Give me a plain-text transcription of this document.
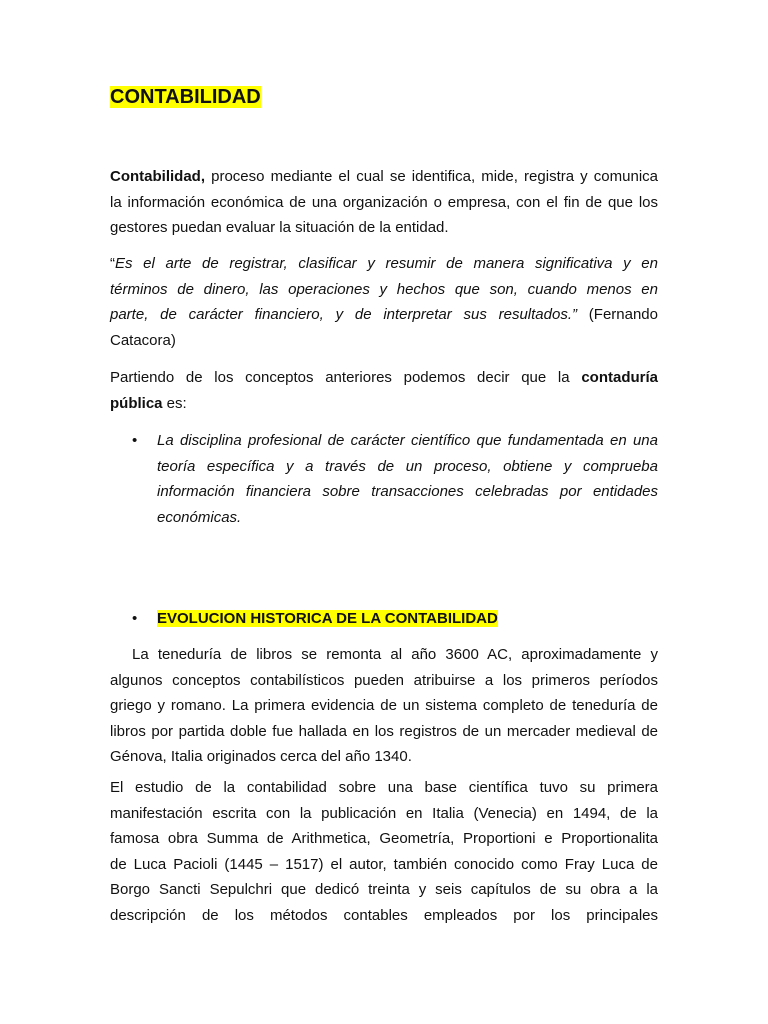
CONTABILIDAD
Contabilidad, proceso mediante el cual se identifica, mide, registra y comunica
la información económica de una organización o empresa, con el fin de que los
gestores puedan evaluar la situación de la entidad.
“Es el arte de registrar, clasificar y resumir de manera significativa y en
términos de dinero, las operaciones y hechos que son, cuando menos en
parte, de carácter financiero, y de interpretar sus resultados.” (Fernando
Catacora)
Partiendo de los conceptos anteriores podemos decir que la contaduría
pública es:
• La disciplina profesional de carácter científico que fundamentada en una
teoría específica y a través de un proceso, obtiene y comprueba
información financiera sobre transacciones celebradas por entidades
económicas.
• EVOLUCION HISTORICA DE LA CONTABILIDAD
La teneduría de libros se remonta al año 3600 AC, aproximadamente y
algunos conceptos contabilísticos pueden atribuirse a los primeros períodos
griego y romano. La primera evidencia de un sistema completo de teneduría de
libros por partida doble fue hallada en los registros de un mercader medieval de
Génova, Italia originados cerca del año 1340.
El estudio de la contabilidad sobre una base científica tuvo su primera
manifestación escrita con la publicación en Italia (Venecia) en 1494, de la
famosa obra Summa de Arithmetica, Geometría, Proportioni e Proportionalita
de Luca Pacioli (1445 – 1517) el autor, también conocido como Fray Luca de
Borgo Sancti Sepulchri que dedicó treinta y seis capítulos de su obra a la
descripción de los métodos contables empleados por los principales
